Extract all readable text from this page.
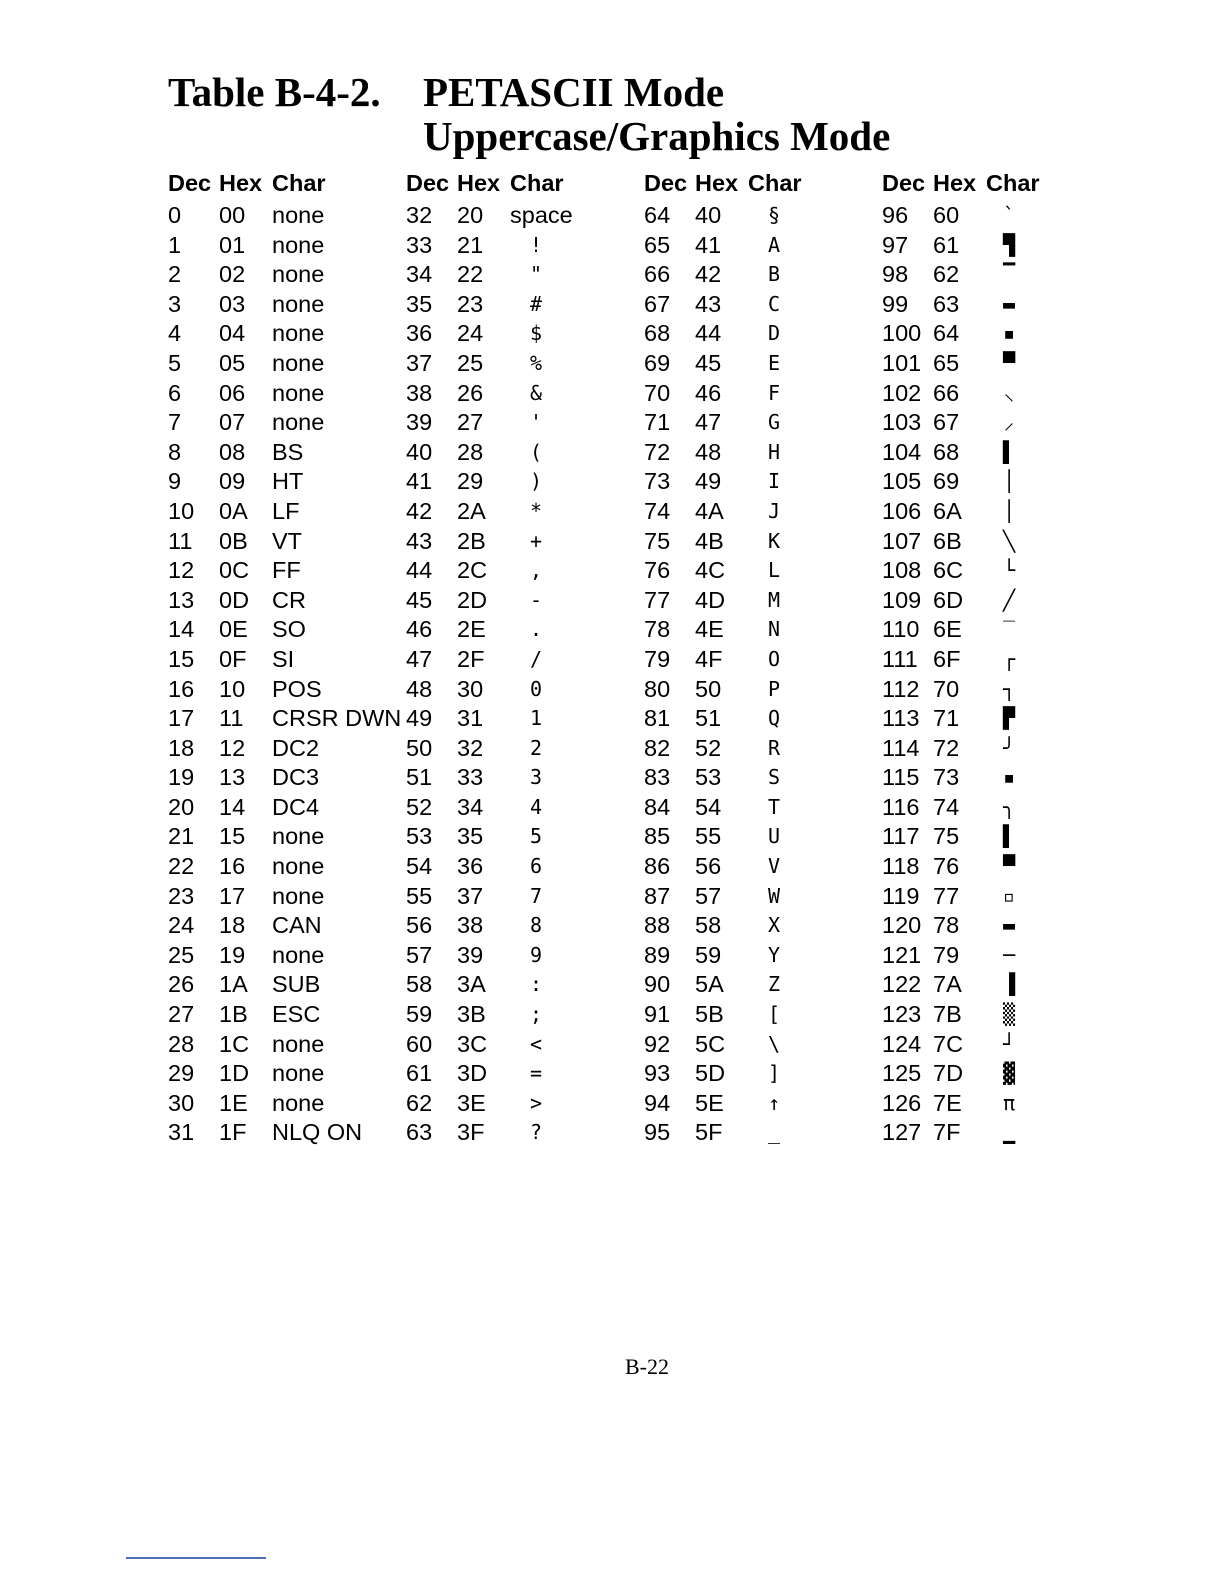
Table B-4-2. PETASCII Mode
Uppercase/Graphics Mode
Dec Hex Char
0 00 none
1 01 none
2 02 none
3 03 none
4 04 none
5 05 none
6 06 none
7 07 none
8 08 BS
9 09 HT
10 0A LF
11 0B VT
12 0C FF
13 0D CR
14 0E SO
15 0F SI
16 10 POS
17 11 CRSR DWN
18 12 DC2
19 13 DC3
20 14 DC4
21 15 none
22 16 none
23 17 none
24 18 CAN
25 19 none
26 1A SUB
27 1B ESC
28 1C none
29 1D none
30 1E none
31 1F NLQ ON
Dec Hex Char
32 20 space
33 21	!
34 22	"
35 23	#
36 24	$
37 25	%
38 26	&
39 27	'
40 28	(
41 29	)
42 2A	*
43 2B	+
44 2C	,
45 2D	-
46 2E	.
47 2F	/
48 30	0
49 31	1
50 32	2
51 33	3
52 34	4
53 35	5
54 36	6
55 37	7
56 38	8
57 39	9
58 3A	:
59 3B	;
60 3C	<
61 3D	=
62 3E	>
63 3F	?
Dec Hex Char
64 40	§
65 41	A
66 42	B
67 43	C
68 44	D
69 45	E
70 46	F
71 47	G
72 48	H
73 49	I
74 4A	J
75 4B	K
76 4C	L
77 4D	M
78 4E	N
79 4F	O
80 50	P
81 51	Q
82 52	R
83 53	S
84 54	T
85 55	U
86 56	V
87 57	W
88 58	X
89 59	Y
90 5A	Z
91 5B	[
92 5C	\
93 5D	]
94 5E	↑
95 5F	_
Dec Hex Char
96 60	`
97 61	▜
98 62	▔
99 63	▬
100 64	▪
101 65	▀
102 66	⸜
103 67	⸝
104 68	▌
105 69	│
106 6A	│
107 6B	╲
108 6C	└
109 6D	╱
110 6E	‾
111 6F	┌
112 70	┐
113 71	▛
114 72	╯
115 73	▪
116 74	╮
117 75	▌
118 76	▀
119 77	▫
120 78	▬
121 79	─
122 7A	▐
123 7B	▒
124 7C	┘
125 7D	▓
126 7E	π
127 7F	▁
B-22
